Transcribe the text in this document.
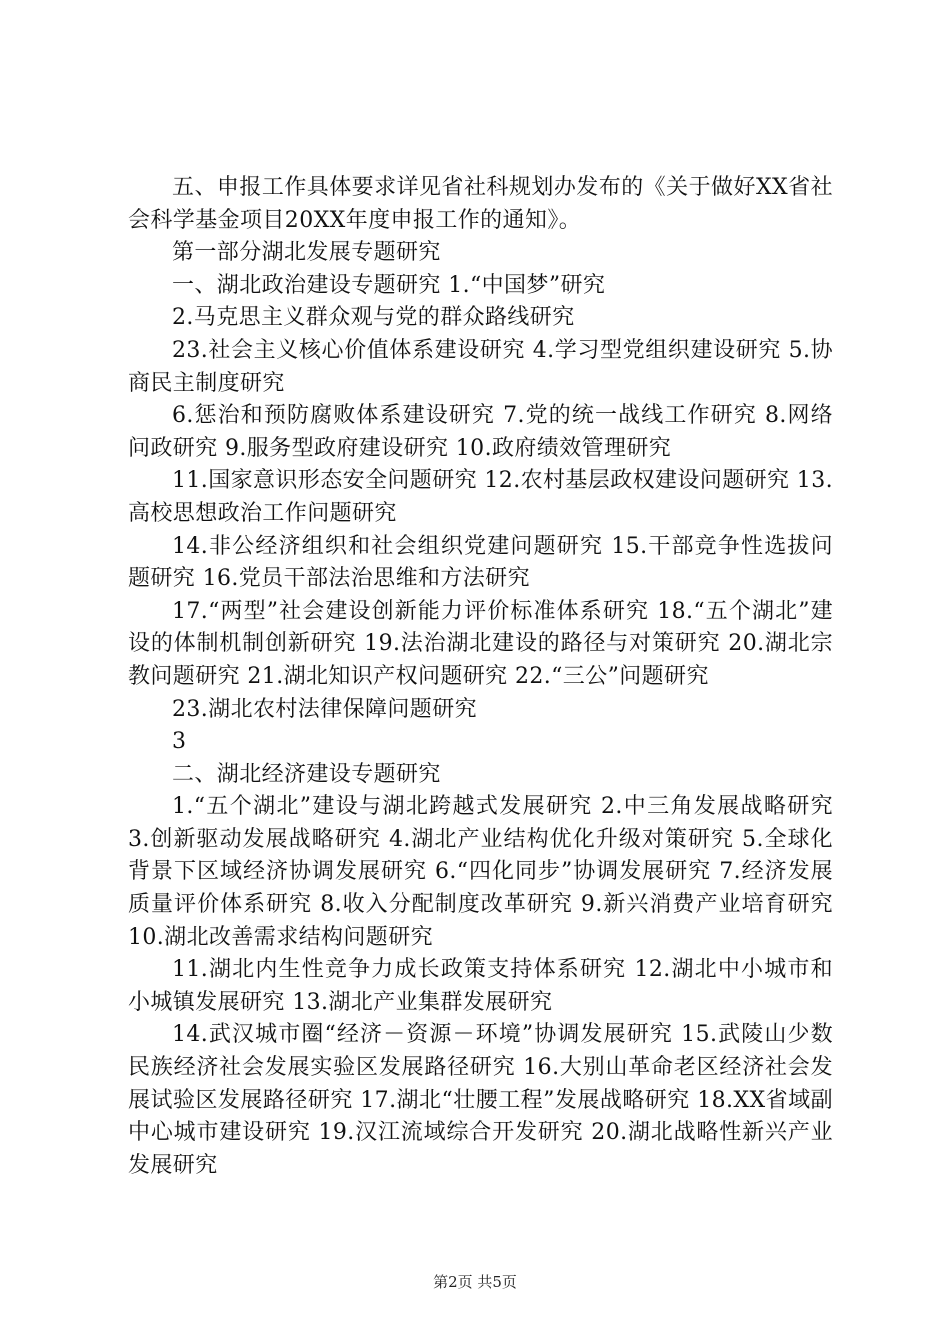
五、申报工作具体要求详见省社科规划办发布的《关于做好XX省社会科学基金项目20XX年度申报工作的通知》。

第一部分湖北发展专题研究

一、湖北政治建设专题研究 1.“中国梦”研究

2.马克思主义群众观与党的群众路线研究

23.社会主义核心价值体系建设研究 4.学习型党组织建设研究 5.协商民主制度研究

6.惩治和预防腐败体系建设研究 7.党的统一战线工作研究 8.网络问政研究 9.服务型政府建设研究 10.政府绩效管理研究

11.国家意识形态安全问题研究 12.农村基层政权建设问题研究 13.高校思想政治工作问题研究

14.非公经济组织和社会组织党建问题研究 15.干部竞争性选拔问题研究 16.党员干部法治思维和方法研究

17.“两型”社会建设创新能力评价标准体系研究 18.“五个湖北”建设的体制机制创新研究 19.法治湖北建设的路径与对策研究 20.湖北宗教问题研究 21.湖北知识产权问题研究 22.“三公”问题研究

23.湖北农村法律保障问题研究

3

二、湖北经济建设专题研究

1.“五个湖北”建设与湖北跨越式发展研究 2.中三角发展战略研究 3.创新驱动发展战略研究 4.湖北产业结构优化升级对策研究 5.全球化背景下区域经济协调发展研究 6.“四化同步”协调发展研究 7.经济发展质量评价体系研究 8.收入分配制度改革研究 9.新兴消费产业培育研究 10.湖北改善需求结构问题研究

11.湖北内生性竞争力成长政策支持体系研究 12.湖北中小城市和小城镇发展研究 13.湖北产业集群发展研究

14.武汉城市圈“经济－资源－环境”协调发展研究 15.武陵山少数民族经济社会发展实验区发展路径研究 16.大别山革命老区经济社会发展试验区发展路径研究 17.湖北“壮腰工程”发展战略研究 18.XX省域副中心城市建设研究 19.汉江流域综合开发研究 20.湖北战略性新兴产业发展研究

第2页 共5页
